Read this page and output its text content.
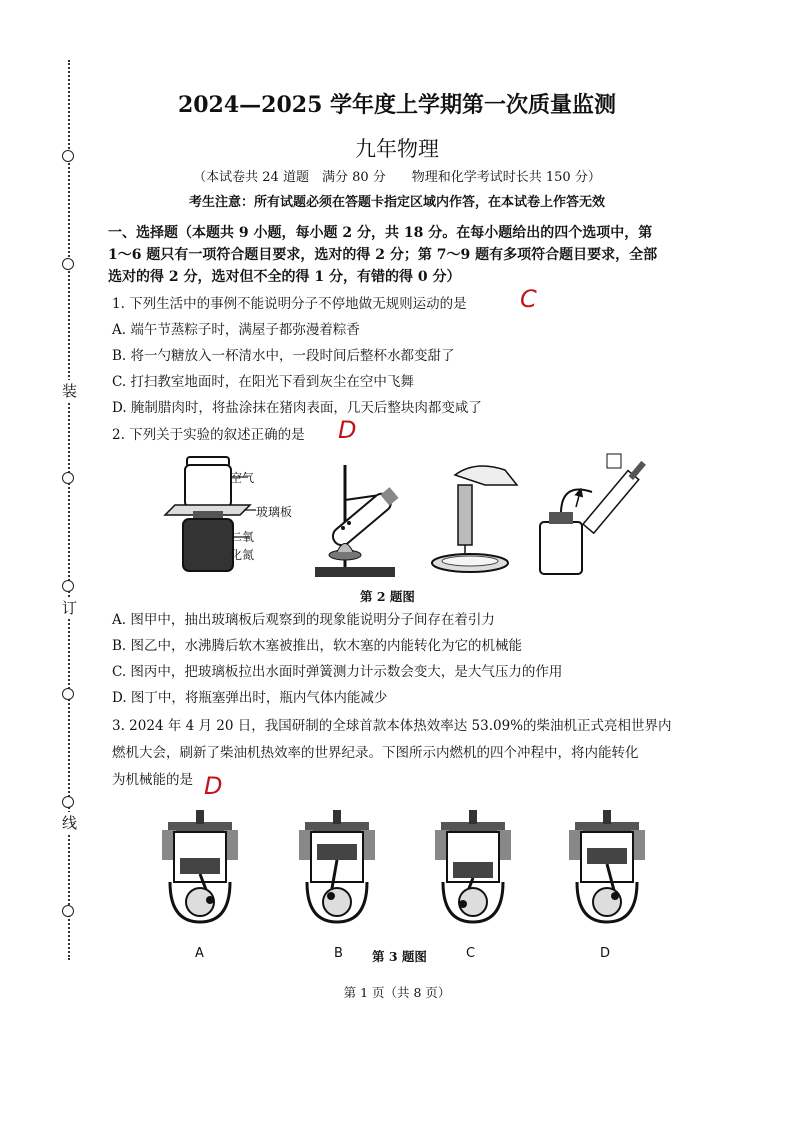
装
订
线
2024—2025 学年度上学期第一次质量监测
九年物理
（本试卷共 24 道题　满分 80 分　　物理和化学考试时长共 150 分）
考生注意：所有试题必须在答题卡指定区域内作答，在本试卷上作答无效
一、选择题（本题共 9 小题，每小题 2 分，共 18 分。在每小题给出的四个选项中，第
1～6 题只有一项符合题目要求，选对的得 2 分；第 7～9 题有多项符合题目要求，全部
选对的得 2 分，选对但不全的得 1 分，有错的得 0 分）
1. 下列生活中的事例不能说明分子不停地做无规则运动的是	C
A. 端午节蒸粽子时，满屋子都弥漫着粽香
B. 将一勺糖放入一杯清水中，一段时间后整杯水都变甜了
C. 打扫教室地面时，在阳光下看到灰尘在空中飞舞
D. 腌制腊肉时，将盐涂抹在猪肉表面，几天后整块肉都变咸了
2. 下列关于实验的叙述正确的是	D
空气
玻璃板
二氧
化氮
第 2 题图
A. 图甲中，抽出玻璃板后观察到的现象能说明分子间存在着引力
B. 图乙中，水沸腾后软木塞被推出，软木塞的内能转化为它的机械能
C. 图丙中，把玻璃板拉出水面时弹簧测力计示数会变大，是大气压力的作用
D. 图丁中，将瓶塞弹出时，瓶内气体内能减少
3. 2024 年 4 月 20 日，我国研制的全球首款本体热效率达 53.09%的柴油机正式亮相世界内
燃机大会，刷新了柴油机热效率的世界纪录。下图所示内燃机的四个冲程中，将内能转化
为机械能的是 D
A	B 第 3 题图	C	D
第 1 页（共 8 页）
